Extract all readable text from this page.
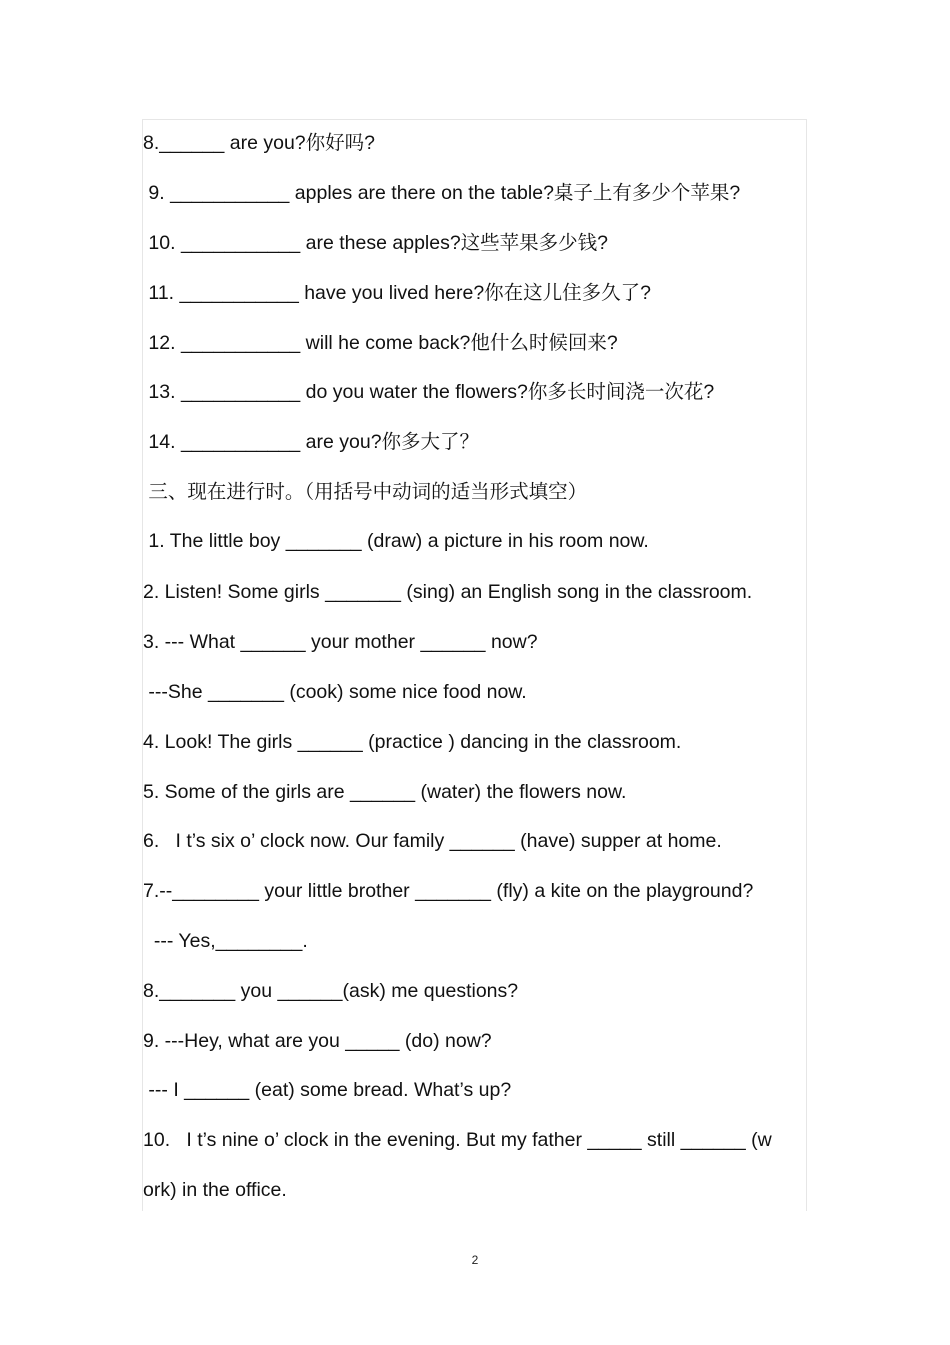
8.______ are you?你好吗?
9. ___________ apples are there on the table?桌子上有多少个苹果?
10. ___________ are these apples?这些苹果多少钱?
11. ___________ have you lived here?你在这儿住多久了?
12. ___________ will he come back?他什么时候回来?
13. ___________ do you water the flowers?你多长时间浇一次花?
14. ___________ are you?你多大了？
三、现在进行时。（用括号中动词的适当形式填空）
1. The little boy _______ (draw) a picture in his room now.
2. Listen! Some girls _______ (sing) an English song in the classroom.
3. --- What ______ your mother ______ now?
---She _______ (cook) some nice food now.
4. Look! The girls ______ (practice ) dancing in the classroom.
5. Some of the girls are ______ (water) the flowers now.
6.   I t’s six o’ clock now. Our family ______ (have) supper at home.
7.--________ your little brother _______ (fly) a kite on the playground?
--- Yes,________.
8._______ you ______(ask) me questions?
9. ---Hey, what are you _____ (do) now?
--- I ______ (eat) some bread. What’s up?
10.   I t’s nine o’ clock in the evening. But my father _____ still ______ (w
ork) in the office.
2
